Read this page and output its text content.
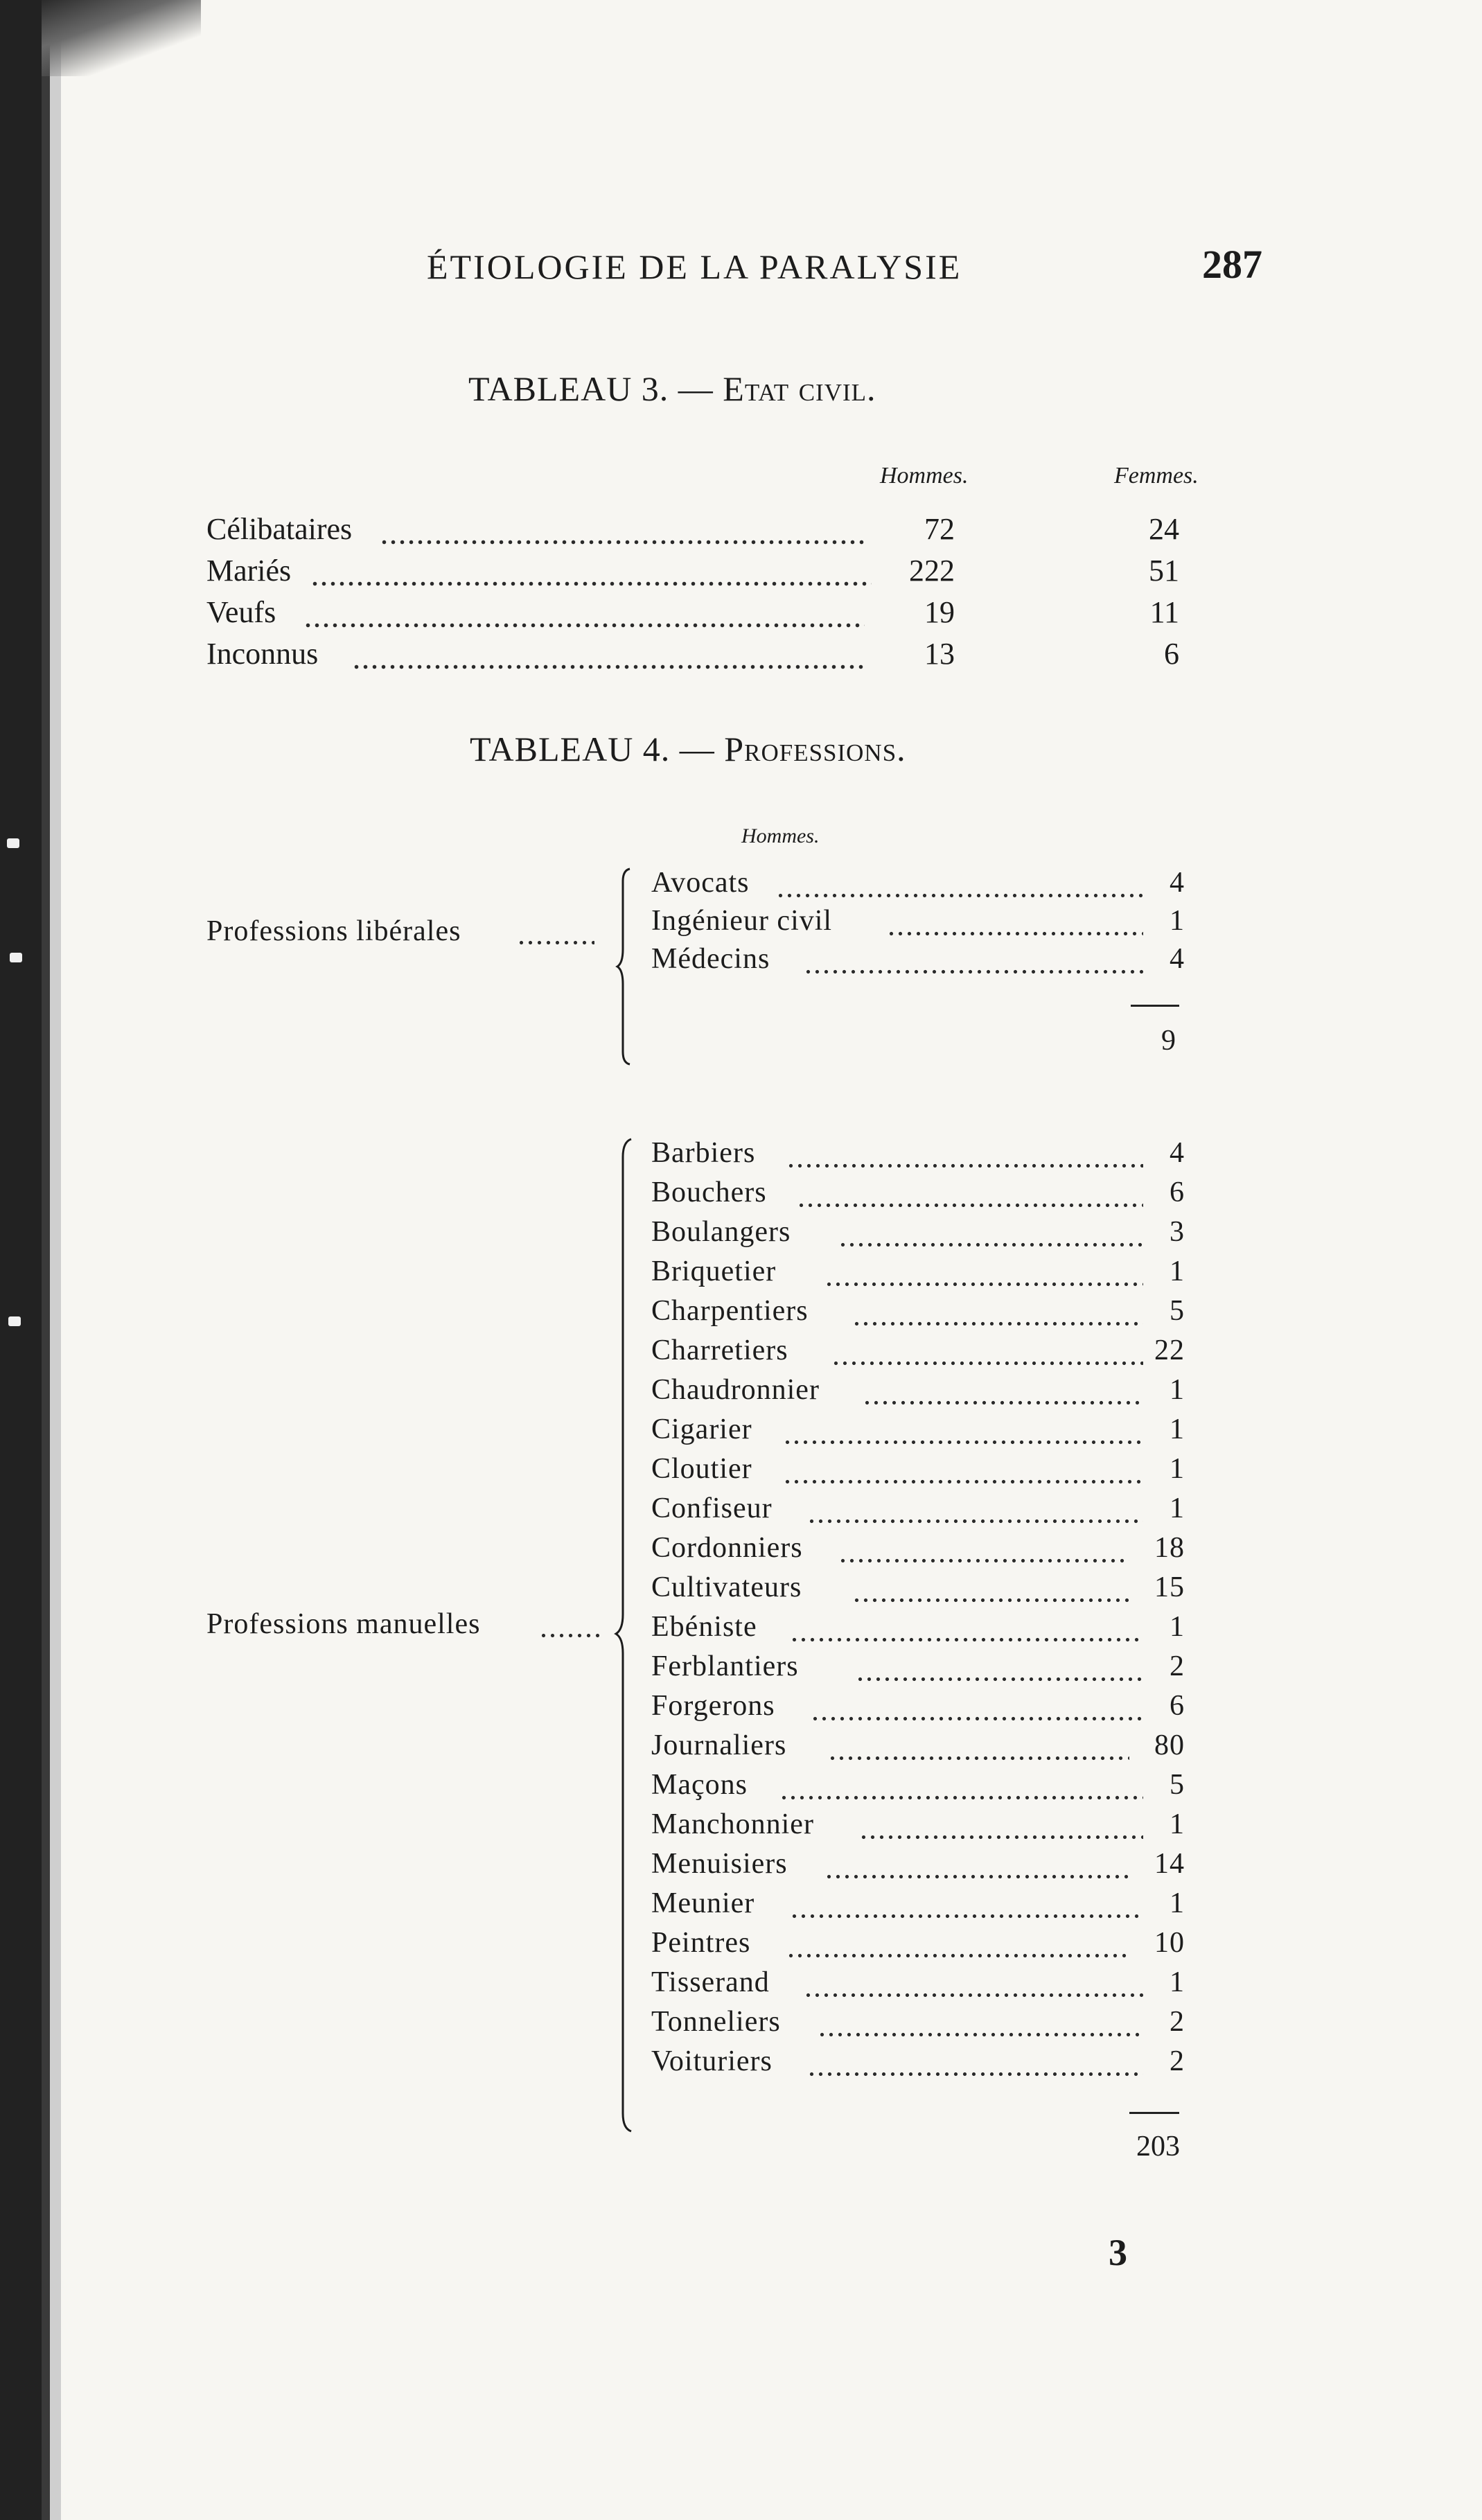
ÉTIOLOGIE DE LA PARALYSIE	287
TABLEAU 3. — Etat civil.
Hommes.	Femmes.
Célibataires	72	24
Mariés	222	51
Veufs	19	11
Inconnus	13	6
TABLEAU 4. — Professions.
Hommes.
Professions libérales
Avocats	4
Ingénieur civil	1
Médecins	4
9
Professions manuelles
Barbiers	4
Bouchers	6
Boulangers	3
Briquetier	1
Charpentiers	5
Charretiers	22
Chaudronnier	1
Cigarier	1
Cloutier	1
Confiseur	1
Cordonniers	18
Cultivateurs	15
Ebéniste	1
Ferblantiers	2
Forgerons	6
Journaliers	80
Maçons	5
Manchonnier	1
Menuisiers	14
Meunier	1
Peintres	10
Tisserand	1
Tonneliers	2
Voituriers	2
203
3
